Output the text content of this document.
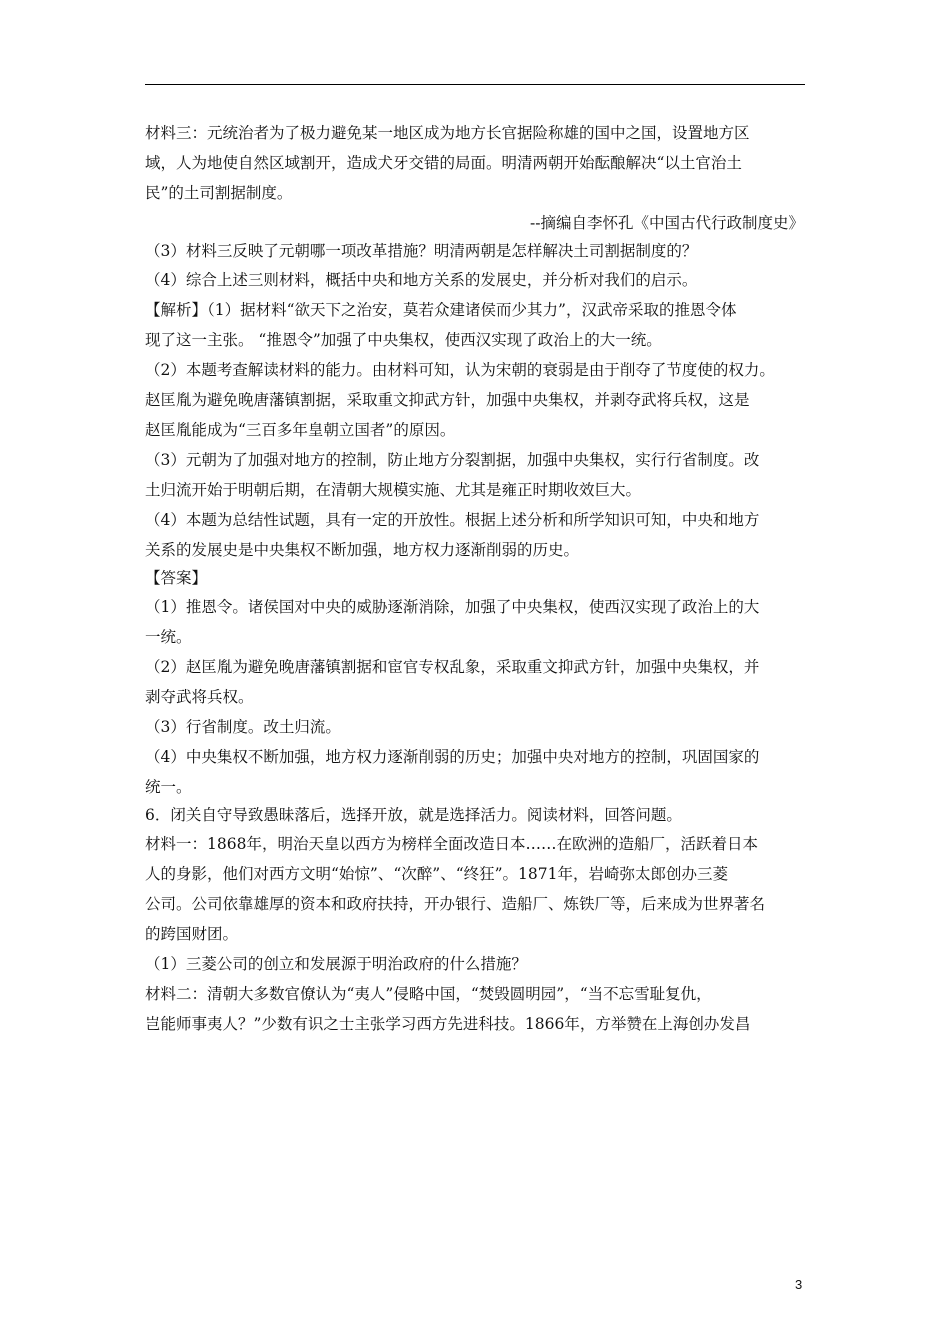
材料三：元统治者为了极力避免某一地区成为地方长官据险称雄的国中之国，设置地方区
域，人为地使自然区域割开，造成犬牙交错的局面。明清两朝开始酝酿解决“以土官治土
民”的土司割据制度。
--摘编自李怀孔《中国古代行政制度史》
（3）材料三反映了元朝哪一项改革措施？明清两朝是怎样解决土司割据制度的？
（4）综合上述三则材料，概括中央和地方关系的发展史，并分析对我们的启示。
【解析】（1）据材料“欲天下之治安，莫若众建诸侯而少其力”，汉武帝采取的推恩令体
现了这一主张。 “推恩令”加强了中央集权，使西汉实现了政治上的大一统。
（2）本题考查解读材料的能力。由材料可知，认为宋朝的衰弱是由于削夺了节度使的权力。
赵匡胤为避免晚唐藩镇割据，采取重文抑武方针，加强中央集权，并剥夺武将兵权，这是
赵匡胤能成为“三百多年皇朝立国者”的原因。
（3）元朝为了加强对地方的控制，防止地方分裂割据，加强中央集权，实行行省制度。改
土归流开始于明朝后期，在清朝大规模实施、尤其是雍正时期收效巨大。
（4）本题为总结性试题，具有一定的开放性。根据上述分析和所学知识可知，中央和地方
关系的发展史是中央集权不断加强，地方权力逐渐削弱的历史。
【答案】
（1）推恩令。诸侯国对中央的威胁逐渐消除，加强了中央集权，使西汉实现了政治上的大
一统。
（2）赵匡胤为避免晚唐藩镇割据和宦官专权乱象，采取重文抑武方针，加强中央集权，并
剥夺武将兵权。
（3）行省制度。改土归流。
（4）中央集权不断加强，地方权力逐渐削弱的历史；加强中央对地方的控制，巩固国家的
统一。
6．闭关自守导致愚昧落后，选择开放，就是选择活力。阅读材料，回答问题。
材料一：1868年，明治天皇以西方为榜样全面改造日本……在欧洲的造船厂，活跃着日本
人的身影，他们对西方文明“始惊”、“次醉”、“终狂”。1871年，岩崎弥太郎创办三菱
公司。公司依靠雄厚的资本和政府扶持，开办银行、造船厂、炼铁厂等，后来成为世界著名
的跨国财团。
（1）三菱公司的创立和发展源于明治政府的什么措施？
材料二：清朝大多数官僚认为“夷人”侵略中国，“焚毁圆明园”，“当不忘雪耻复仇，
岂能师事夷人？”少数有识之士主张学习西方先进科技。1866年，方举赞在上海创办发昌
3
